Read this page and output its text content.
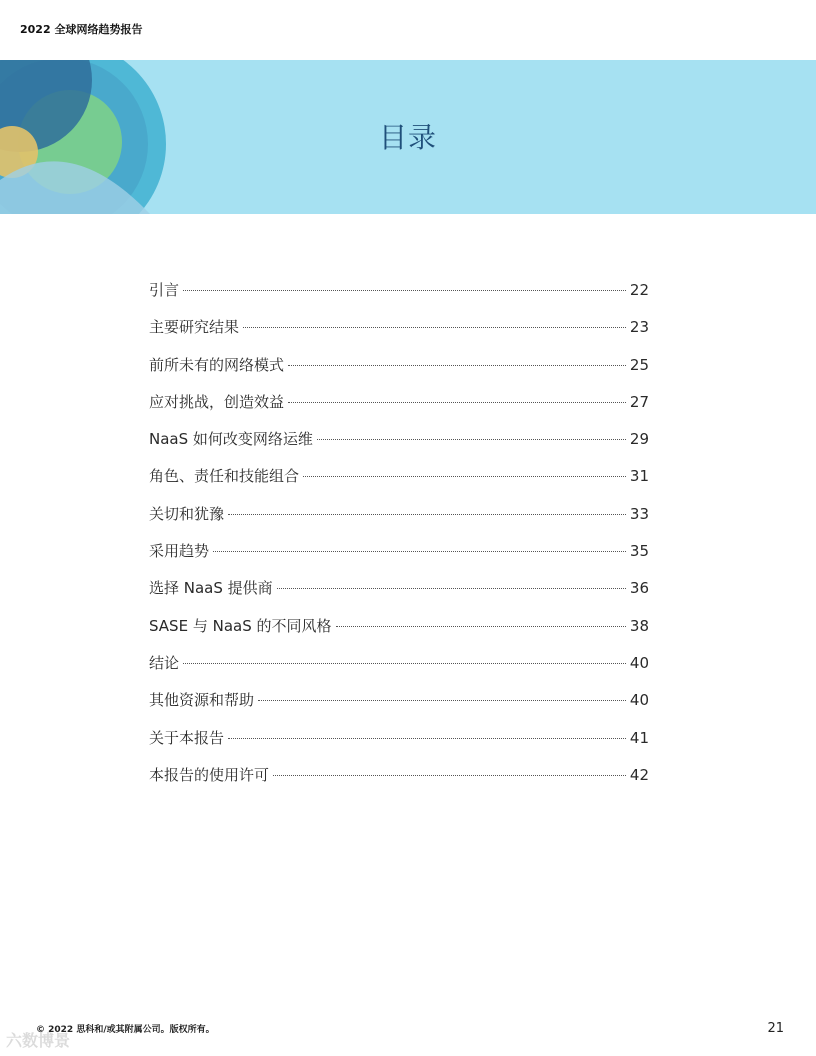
2022 全球网络趋势报告
目录
引言	22
主要研究结果	23
前所未有的网络模式	25
应对挑战，创造效益	27
NaaS 如何改变网络运维	29
角色、责任和技能组合	31
关切和犹豫	33
采用趋势	35
选择 NaaS 提供商	36
SASE 与 NaaS 的不同风格	38
结论	40
其他资源和帮助	40
关于本报告	41
本报告的使用许可	42
© 2022 思科和/或其附属公司。版权所有。	21
六数博景
